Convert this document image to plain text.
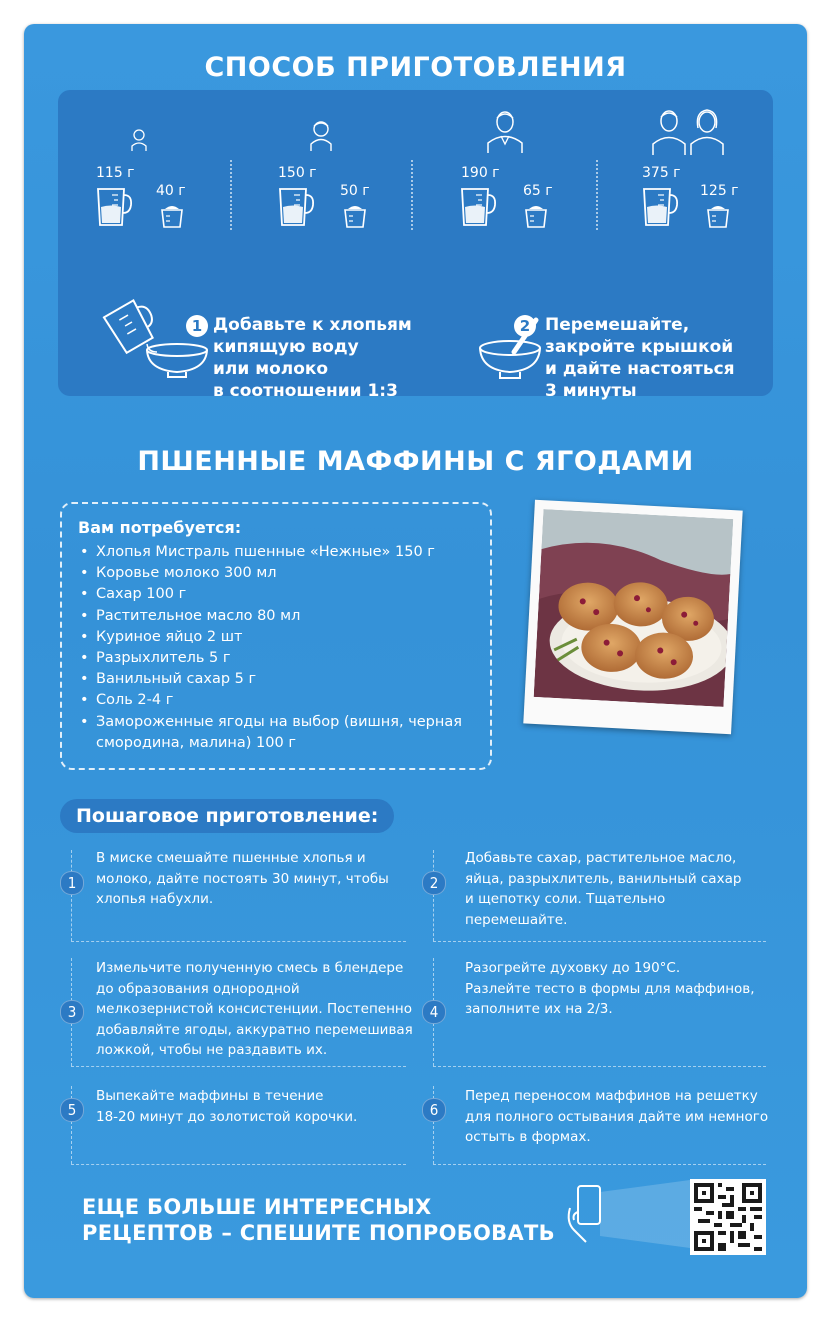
СПОСОБ ПРИГОТОВЛЕНИЯ
115 г
40 г
150 г
50 г
190 г
65 г
375 г
125 г
1 Добавьте к хлопьям
кипящую воду
или молоко
в соотношении 1:3
2 Перемешайте,
закройте крышкой
и дайте настояться
3 минуты
ПШЕННЫЕ МАФФИНЫ С ЯГОДАМИ
Вам потребуется:
• Хлопья Мистраль пшенные «Нежные» 150 г
• Коровье молоко 300 мл
• Сахар 100 г
• Растительное масло 80 мл
• Куриное яйцо 2 шт
• Разрыхлитель 5 г
• Ванильный сахар 5 г
• Соль 2-4 г
• Замороженные ягоды на выбор (вишня, черная смородина, малина) 100 г
Пошаговое приготовление:
1
В миске смешайте пшенные хлопья и
молоко, дайте постоять 30 минут, чтобы
хлопья набухли.
2
Добавьте сахар, растительное масло,
яйца, разрыхлитель, ванильный сахар
и щепотку соли. Тщательно
перемешайте.
3
Измельчите полученную смесь в блендере
до образования однородной
мелкозернистой консистенции. Постепенно
добавляйте ягоды, аккуратно перемешивая
ложкой, чтобы не раздавить их.
4
Разогрейте духовку до 190°С.
Разлейте тесто в формы для маффинов,
заполните их на 2/3.
5
Выпекайте маффины в течение
18-20 минут до золотистой корочки.	6
Перед переносом маффинов на решетку
для полного остывания дайте им немного
остыть в формах.
ЕЩЕ БОЛЬШЕ ИНТЕРЕСНЫХ
РЕЦЕПТОВ – СПЕШИТЕ ПОПРОБОВАТЬ
